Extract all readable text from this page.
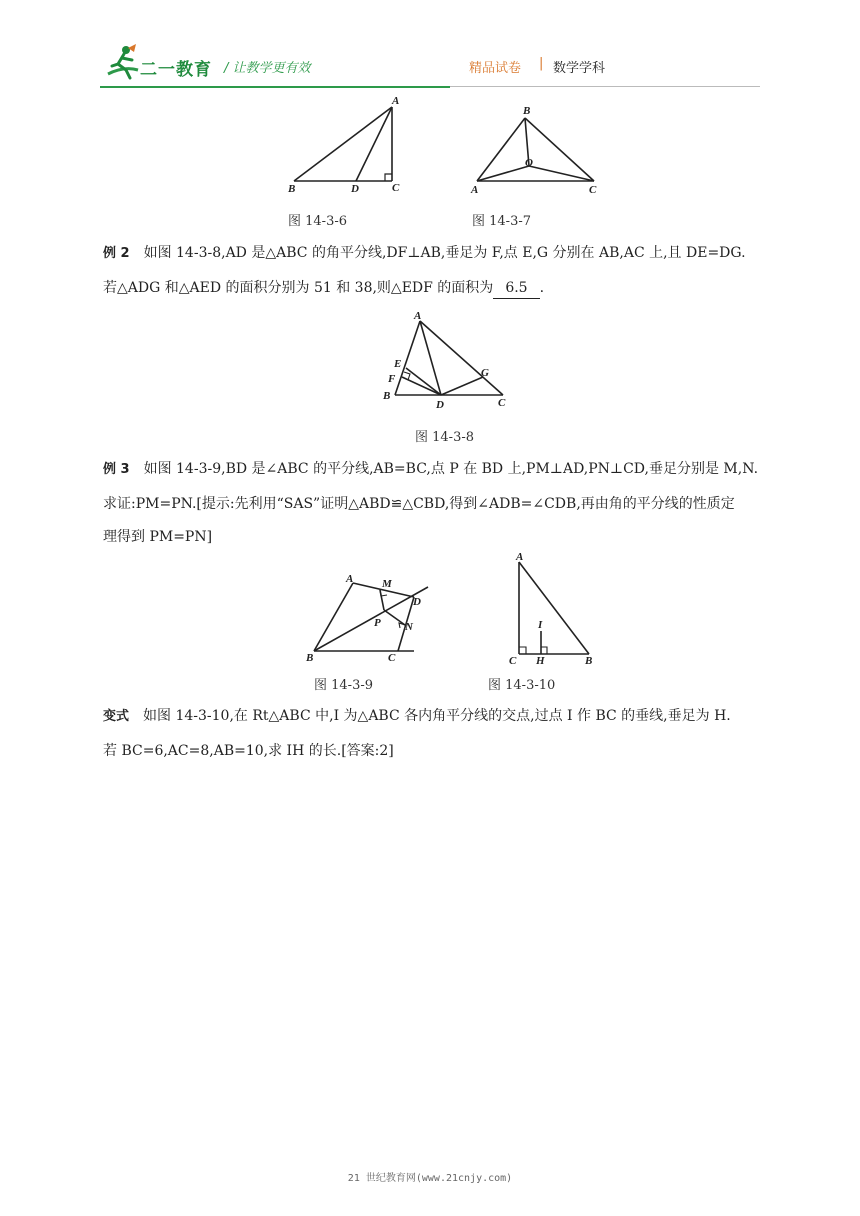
二一教育 / 让教学更有效	精品试卷 | 数学学科
A
B	C
D
图 14-3-6
B
A	C
O
图 14-3-7
例 2 如图 14-3-8,AD 是△ABC 的角平分线,DF⊥AB,垂足为 F,点 E,G 分别在 AB,AC 上,且 DE=DG.
若△ADG 和△AED 的面积分别为 51 和 38,则△EDF 的面积为 6.5 .
A
E
F
B
D	C
G
图 14-3-8
例 3 如图 14-3-9,BD 是∠ABC 的平分线,AB=BC,点 P 在 BD 上,PM⊥AD,PN⊥CD,垂足分别是 M,N.
求证:PM=PN.[提示:先利用“SAS”证明△ABD≌△CBD,得到∠ADB=∠CDB,再由角的平分线的性质定
理得到 PM=PN]
A	M
D
P N
B	C
图 14-3-9
A
I
C H	B
图 14-3-10
变式 如图 14-3-10,在 Rt△ABC 中,I 为△ABC 各内角平分线的交点,过点 I 作 BC 的垂线,垂足为 H.
若 BC=6,AC=8,AB=10,求 IH 的长.[答案:2]
21 世纪教育网(www.21cnjy.com)
